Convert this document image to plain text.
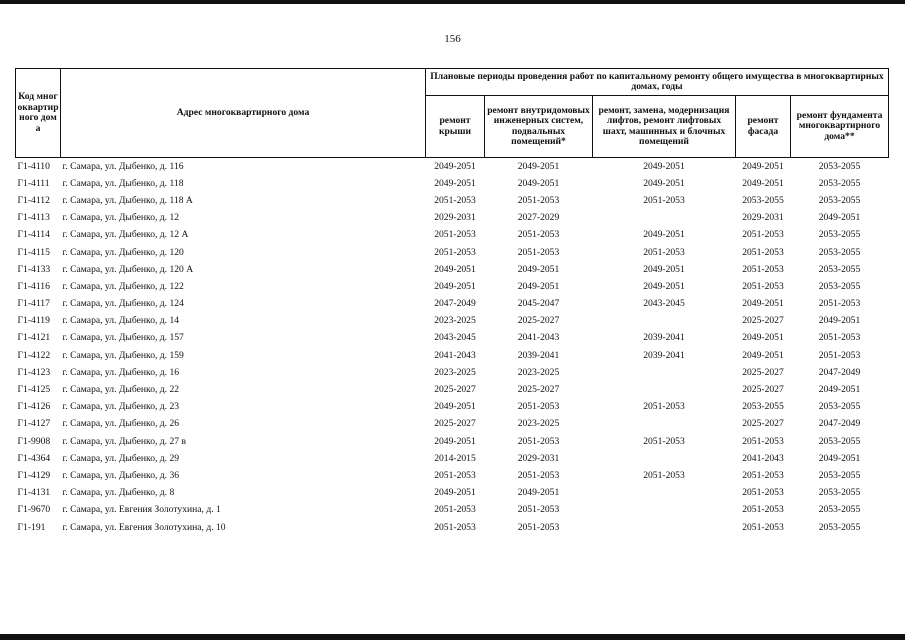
156
Код многоквартирного дома	Адрес многоквартирного дома	Плановые периоды проведения работ по капитальному ремонту общего имущества в многоквартирных домах, годы				
		ремонт крыши	ремонт внутридомовых инженерных систем, подвальных помещений*	ремонт, замена, модернизация лифтов, ремонт лифтовых шахт, машинных и блочных помещений	ремонт фасада	ремонт фундамента многоквартирного дома**
Г1-4110	г. Самара, ул. Дыбенко, д. 116	2049-2051	2049-2051	2049-2051	2049-2051	2053-2055
Г1-4111	г. Самара, ул. Дыбенко, д. 118	2049-2051	2049-2051	2049-2051	2049-2051	2053-2055
Г1-4112	г. Самара, ул. Дыбенко, д. 118 А	2051-2053	2051-2053	2051-2053	2053-2055	2053-2055
Г1-4113	г. Самара, ул. Дыбенко, д. 12	2029-2031	2027-2029		2029-2031	2049-2051
Г1-4114	г. Самара, ул. Дыбенко, д. 12 А	2051-2053	2051-2053	2049-2051	2051-2053	2053-2055
Г1-4115	г. Самара, ул. Дыбенко, д. 120	2051-2053	2051-2053	2051-2053	2051-2053	2053-2055
Г1-4133	г. Самара, ул. Дыбенко, д. 120 А	2049-2051	2049-2051	2049-2051	2051-2053	2053-2055
Г1-4116	г. Самара, ул. Дыбенко, д. 122	2049-2051	2049-2051	2049-2051	2051-2053	2053-2055
Г1-4117	г. Самара, ул. Дыбенко, д. 124	2047-2049	2045-2047	2043-2045	2049-2051	2051-2053
Г1-4119	г. Самара, ул. Дыбенко, д. 14	2023-2025	2025-2027		2025-2027	2049-2051
Г1-4121	г. Самара, ул. Дыбенко, д. 157	2043-2045	2041-2043	2039-2041	2049-2051	2051-2053
Г1-4122	г. Самара, ул. Дыбенко, д. 159	2041-2043	2039-2041	2039-2041	2049-2051	2051-2053
Г1-4123	г. Самара, ул. Дыбенко, д. 16	2023-2025	2023-2025		2025-2027	2047-2049
Г1-4125	г. Самара, ул. Дыбенко, д. 22	2025-2027	2025-2027		2025-2027	2049-2051
Г1-4126	г. Самара, ул. Дыбенко, д. 23	2049-2051	2051-2053	2051-2053	2053-2055	2053-2055
Г1-4127	г. Самара, ул. Дыбенко, д. 26	2025-2027	2023-2025		2025-2027	2047-2049
Г1-9908	г. Самара, ул. Дыбенко, д. 27 в	2049-2051	2051-2053	2051-2053	2051-2053	2053-2055
Г1-4364	г. Самара, ул. Дыбенко, д. 29	2014-2015	2029-2031		2041-2043	2049-2051
Г1-4129	г. Самара, ул. Дыбенко, д. 36	2051-2053	2051-2053	2051-2053	2051-2053	2053-2055
Г1-4131	г. Самара, ул. Дыбенко, д. 8	2049-2051	2049-2051		2051-2053	2053-2055
Г1-9670	г. Самара, ул. Евгения Золотухина, д. 1	2051-2053	2051-2053		2051-2053	2053-2055
Г1-191	г. Самара, ул. Евгения Золотухина, д. 10	2051-2053	2051-2053		2051-2053	2053-2055
